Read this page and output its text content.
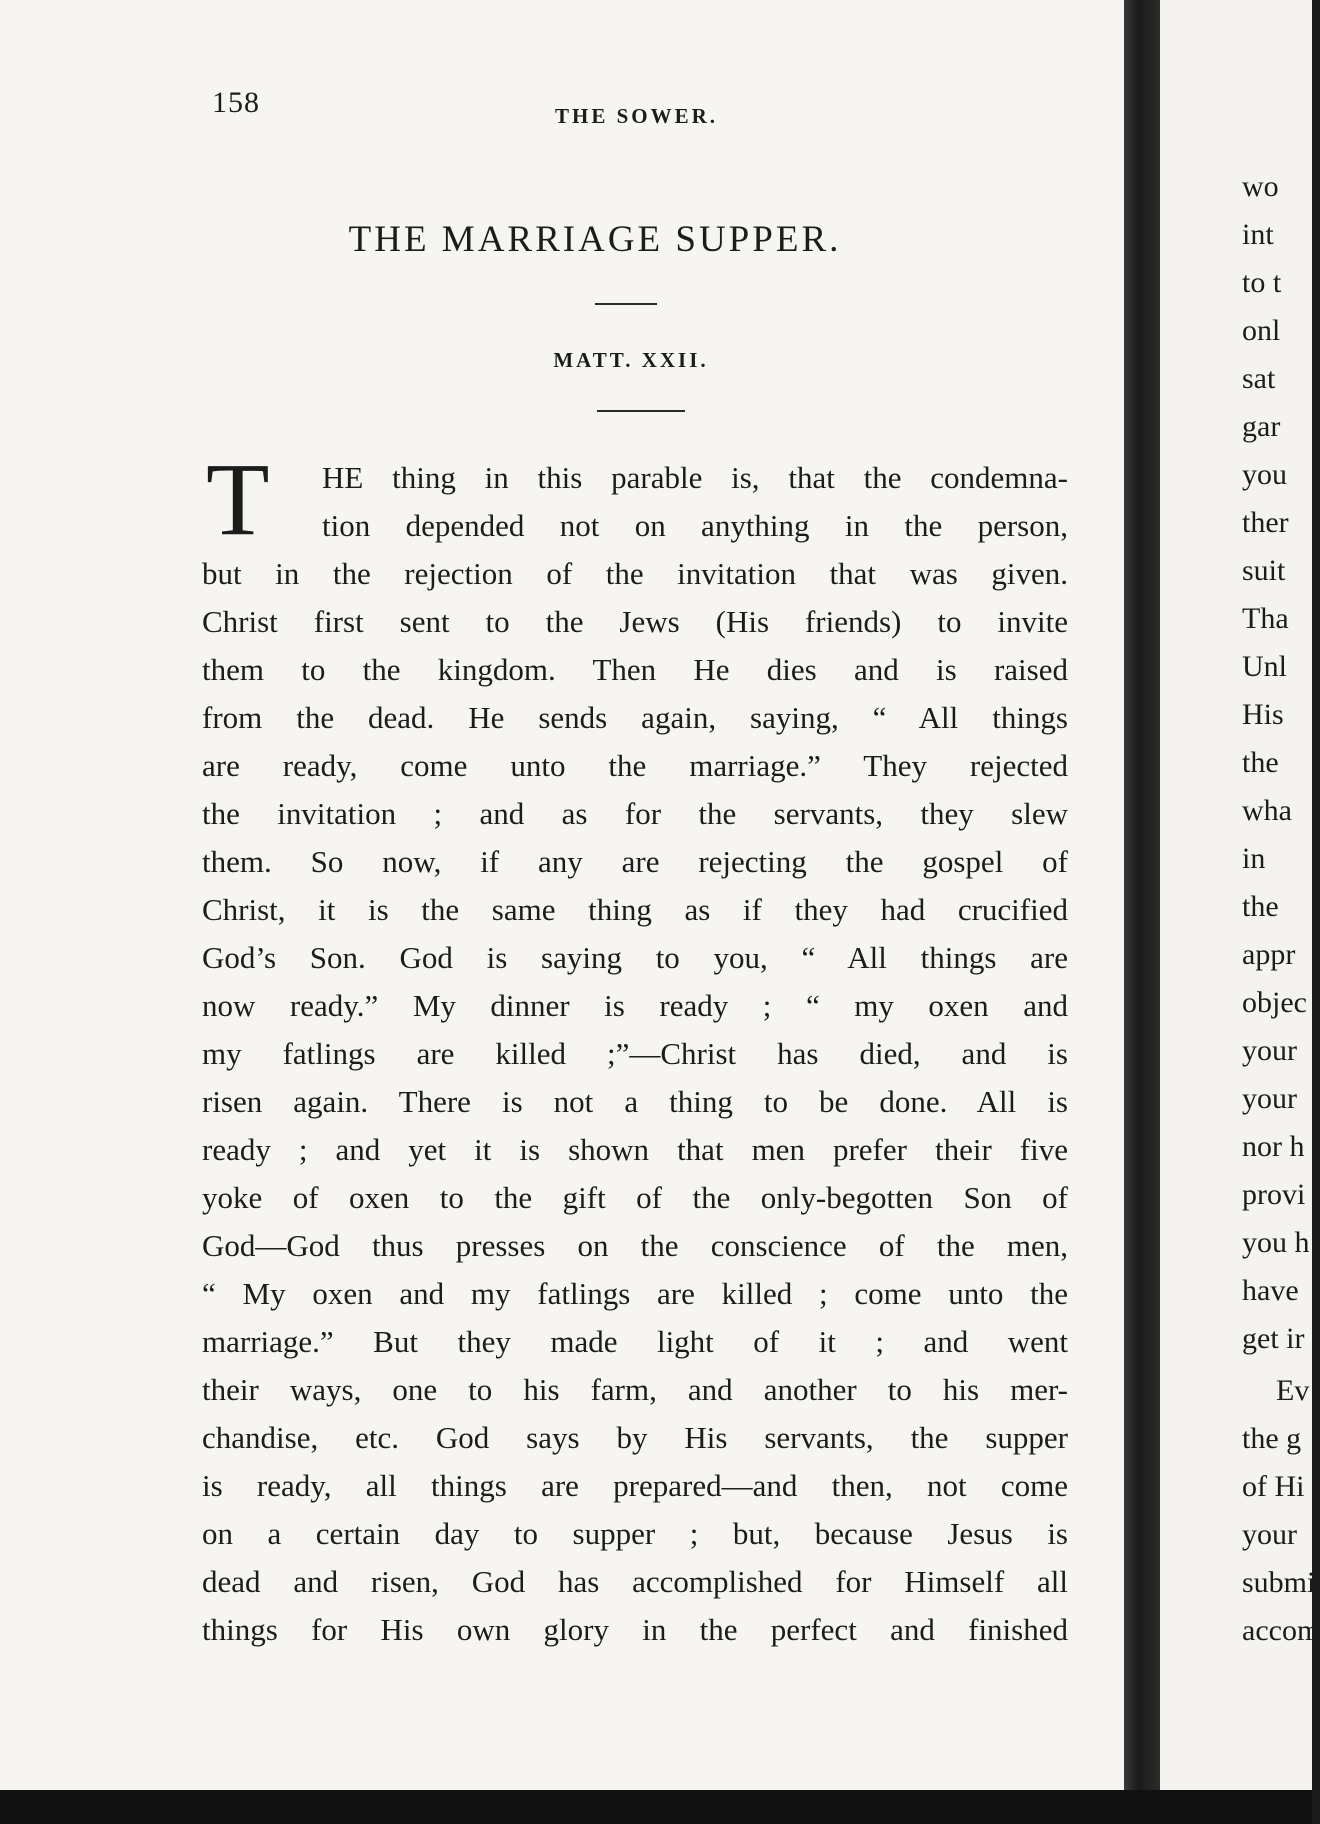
158	THE SOWER.
THE MARRIAGE SUPPER.
MATT. XXII.
T	HE thing in this parable is, that the condemna-
tion depended not on anything in the person,
but in the rejection of the invitation that was given.
Christ first sent to the Jews (His friends) to invite
them to the kingdom. Then He dies and is raised
from the dead. He sends again, saying, “ All things
are ready, come unto the marriage.” They rejected
the invitation ; and as for the servants, they slew
them. So now, if any are rejecting the gospel of
Christ, it is the same thing as if they had crucified
God’s Son. God is saying to you, “ All things are
now ready.” My dinner is ready ; “ my oxen and
my fatlings are killed ;”—Christ has died, and is
risen again. There is not a thing to be done. All is
ready ; and yet it is shown that men prefer their five
yoke of oxen to the gift of the only-begotten Son of
God—God thus presses on the conscience of the men,
“ My oxen and my fatlings are killed ; come unto the
marriage.” But they made light of it ; and went
their ways, one to his farm, and another to his mer-
chandise, etc. God says by His servants, the supper
is ready, all things are prepared—and then, not come
on a certain day to supper ; but, because Jesus is
dead and risen, God has accomplished for Himself all
things for His own glory in the perfect and finished
wo
int
to t
onl
sat
gar
you
ther
suit
Tha
Unl
His
the
wha
in
the
appr
objec
your
your
nor h
provi
you h
have
get ir
Ev
the g
of Hi
your
submi
accom
